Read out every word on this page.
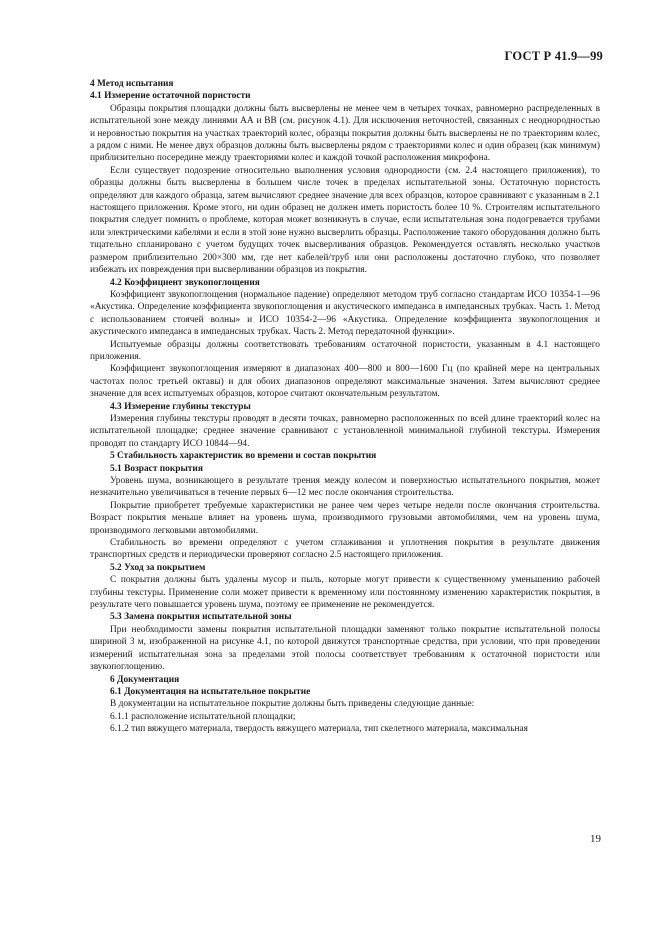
ГОСТ Р 41.9—99

4 Метод испытания

4.1 Измерение остаточной пористости

Образцы покрытия площадки должны быть высверлены не менее чем в четырех точках, равномерно распределенных в испытательной зоне между линиями АА и ВВ (см. рисунок 4.1). Для исключения неточностей, связанных с неоднородностью и неровностью покрытия на участках траекторий колес, образцы покрытия должны быть высверлены не по траекториям колес, а рядом с ними. Не менее двух образцов должны быть высверлены рядом с траекториями колес и один образец (как минимум) приблизительно посередине между траекториями колес и каждой точкой расположения микрофона.

Если существует подозрение относительно выполнения условия однородности (см. 2.4 настоящего приложения), то образцы должны быть высверлены в большем числе точек в пределах испытательной зоны. Остаточную пористость определяют для каждого образца, затем вычисляют среднее значение для всех образцов, которое сравнивают с указанным в 2.1 настоящего приложения. Кроме этого, ни один образец не должен иметь пористость более 10 %. Строителям испытательного покрытия следует помнить о проблеме, которая может возникнуть в случае, если испытательная зона подогревается трубами или электрическими кабелями и если в этой зоне нужно высверлить образцы. Расположение такого оборудования должно быть тщательно спланировано с учетом будущих точек высверливания образцов. Рекомендуется оставлять несколько участков размером приблизительно 200×300 мм, где нет кабелей/труб или они расположены достаточно глубоко, что позволяет избежать их повреждения при высверливании образцов из покрытия.

4.2 Коэффициент звукопоглощения

Коэффициент звукопоглощения (нормальное падение) определяют методом труб согласно стандартам ИСО 10354-1—96 «Акустика. Определение коэффициента звукопоглощения и акустического импеданса в импедансных трубках. Часть 1. Метод с использованием стоячей волны» и ИСО 10354-2—96 «Акустика. Определение коэффициента звукопоглощения и акустического импеданса в импедансных трубках. Часть 2. Метод передаточной функции».

Испытуемые образцы должны соответствовать требованиям остаточной пористости, указанным в 4.1 настоящего приложения.

Коэффициент звукопоглощения измеряют в диапазонах 400—800 и 800—1600 Гц (по крайней мере на центральных частотах полос третьей октавы) и для обоих диапазонов определяют максимальные значения. Затем вычисляют среднее значение для всех испытуемых образцов, которое считают окончательным результатом.

4.3 Измерение глубины текстуры

Измерения глубины текстуры проводят в десяти точках, равномерно расположенных по всей длине траекторий колес на испытательной площадке; среднее значение сравнивают с установленной минимальной глубиной текстуры. Измерения проводят по стандарту ИСО 10844—94.

5 Стабильность характеристик во времени и состав покрытия

5.1 Возраст покрытия

Уровень шума, возникающего в результате трения между колесом и поверхностью испытательного покрытия, может незначительно увеличиваться в течение первых 6—12 мес после окончания строительства.

Покрытие приобретет требуемые характеристики не ранее чем через четыре недели после окончания строительства. Возраст покрытия меньше влияет на уровень шума, производимого грузовыми автомобилями, чем на уровень шума, производимого легковыми автомобилями.

Стабильность во времени определяют с учетом сглаживания и уплотнения покрытия в результате движения транспортных средств и периодически проверяют согласно 2.5 настоящего приложения.

5.2 Уход за покрытием

С покрытия должны быть удалены мусор и пыль, которые могут привести к существенному уменьшению рабочей глубины текстуры. Применение соли может привести к временному или постоянному изменению характеристик покрытия, в результате чего повышается уровень шума, поэтому ее применение не рекомендуется.

5.3 Замена покрытия испытательной зоны

При необходимости замены покрытия испытательной площадки заменяют только покрытие испытательной полосы шириной 3 м, изображенной на рисунке 4.1, по которой движутся транспортные средства, при условии, что при проведении измерений испытательная зона за пределами этой полосы соответствует требованиям к остаточной пористости или звукопоглощению.

6 Документация

6.1 Документация на испытательное покрытие

В документации на испытательное покрытие должны быть приведены следующие данные:

6.1.1 расположение испытательной площадки;

6.1.2 тип вяжущего материала, твердость вяжущего материала, тип скелетного материала, максимальная

19
